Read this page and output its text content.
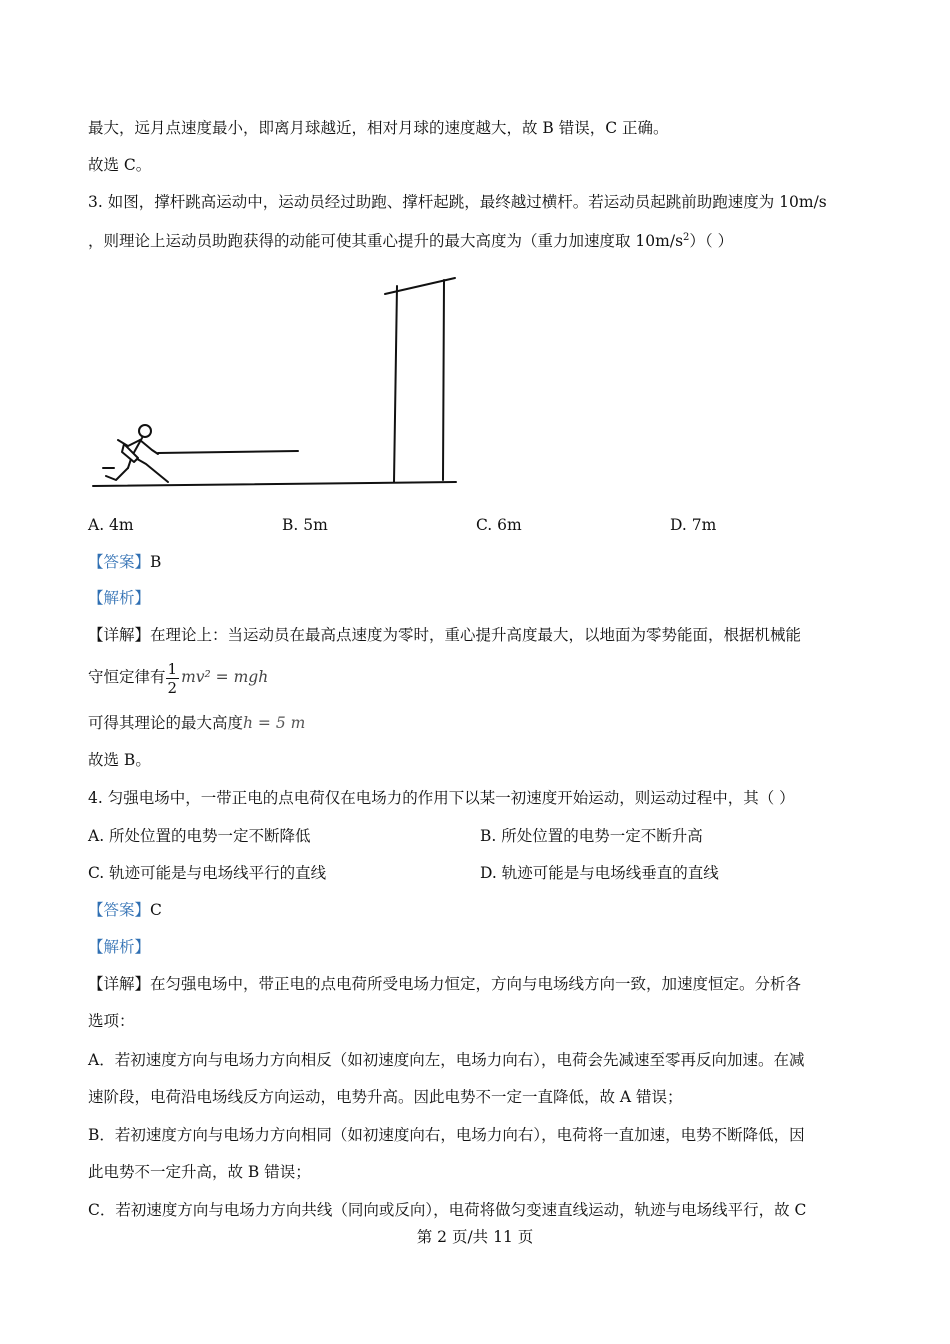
最大，远月点速度最小，即离月球越近，相对月球的速度越大，故 B 错误，C 正确。
故选 C。
3. 如图，撑杆跳高运动中，运动员经过助跑、撑杆起跳，最终越过横杆。若运动员起跳前助跑速度为 10m/s
，则理论上运动员助跑获得的动能可使其重心提升的最大高度为（重力加速度取 $10m/s^2$）（ ）
A. 4m	B. 5m	C. 6m	D. 7m
【答案】B
【解析】
【详解】在理论上：当运动员在最高点速度为零时，重心提升高度最大，以地面为零势能面，根据机械能
守恒定律有 $\frac{1}{2} mv^2$ = mgh
可得其理论的最大高度h = 5 m
故选 B。
4. 匀强电场中，一带正电的点电荷仅在电场力的作用下以某一初速度开始运动，则运动过程中，其（ ）
A. 所处位置的电势一定不断降低	B. 所处位置的电势一定不断升高
C. 轨迹可能是与电场线平行的直线	D. 轨迹可能是与电场线垂直的直线
【答案】C
【解析】
【详解】在匀强电场中，带正电的点电荷所受电场力恒定，方向与电场线方向一致，加速度恒定。分析各
选项：
A．若初速度方向与电场力方向相反（如初速度向左，电场力向右），电荷会先减速至零再反向加速。在减
速阶段，电荷沿电场线反方向运动，电势升高。因此电势不一定一直降低，故 A 错误；
B．若初速度方向与电场力方向相同（如初速度向右，电场力向右），电荷将一直加速，电势不断降低，因
此电势不一定升高，故 B 错误；
C．若初速度方向与电场力方向共线（同向或反向），电荷将做匀变速直线运动，轨迹与电场线平行，故 C
第 2 页/共 11 页
